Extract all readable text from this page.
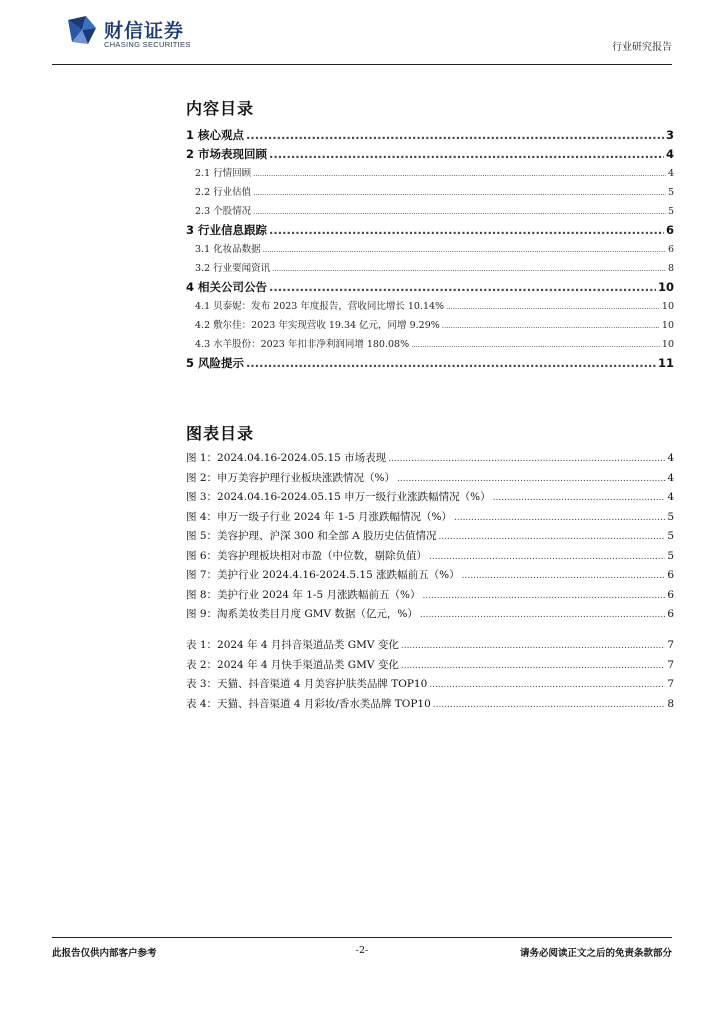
财信证券
CHASING SECURITIES	行业研究报告
内容目录
1 核心观点 .....	3
2 市场表现回顾 .....	4
2.1 行情回顾 .....	4
2.2 行业估值 .....	5
2.3 个股情况 .....	5
3 行业信息跟踪 .....	6
3.1 化妆品数据 .....	6
3.2 行业要闻资讯 .....	8
4 相关公司公告 .....	10
4.1 贝泰妮：发布 2023 年度报告，营收同比增长 10.14% .....	10
4.2 敷尔佳：2023 年实现营收 19.34 亿元，同增 9.29% .....	10
4.3 水羊股份：2023 年扣非净利润同增 180.08% .....	10
5 风险提示 .....	11
图表目录
图 1：2024.04.16-2024.05.15 市场表现 .....	4
图 2：申万美容护理行业板块涨跌情况（%） .....	4
图 3：2024.04.16-2024.05.15 申万一级行业涨跌幅情况（%） .....	4
图 4：申万一级子行业 2024 年 1-5 月涨跌幅情况（%） .....	5
图 5：美容护理、沪深 300 和全部 A 股历史估值情况 .....	5
图 6：美容护理板块相对市盈（中位数，剔除负值） .....	5
图 7：美护行业 2024.4.16-2024.5.15 涨跌幅前五（%） .....	6
图 8：美护行业 2024 年 1-5 月涨跌幅前五（%） .....	6
图 9：淘系美妆类目月度 GMV 数据（亿元，%） .....	6
表 1：2024 年 4 月抖音渠道品类 GMV 变化 .....	7
表 2：2024 年 4 月快手渠道品类 GMV 变化 .....	7
表 3：天猫、抖音渠道 4 月美容护肤类品牌 TOP10 .....	7
表 4：天猫、抖音渠道 4 月彩妆/香水类品牌 TOP10 .....	8
此报告仅供内部客户参考	-2-	请务必阅读正文之后的免责条款部分
